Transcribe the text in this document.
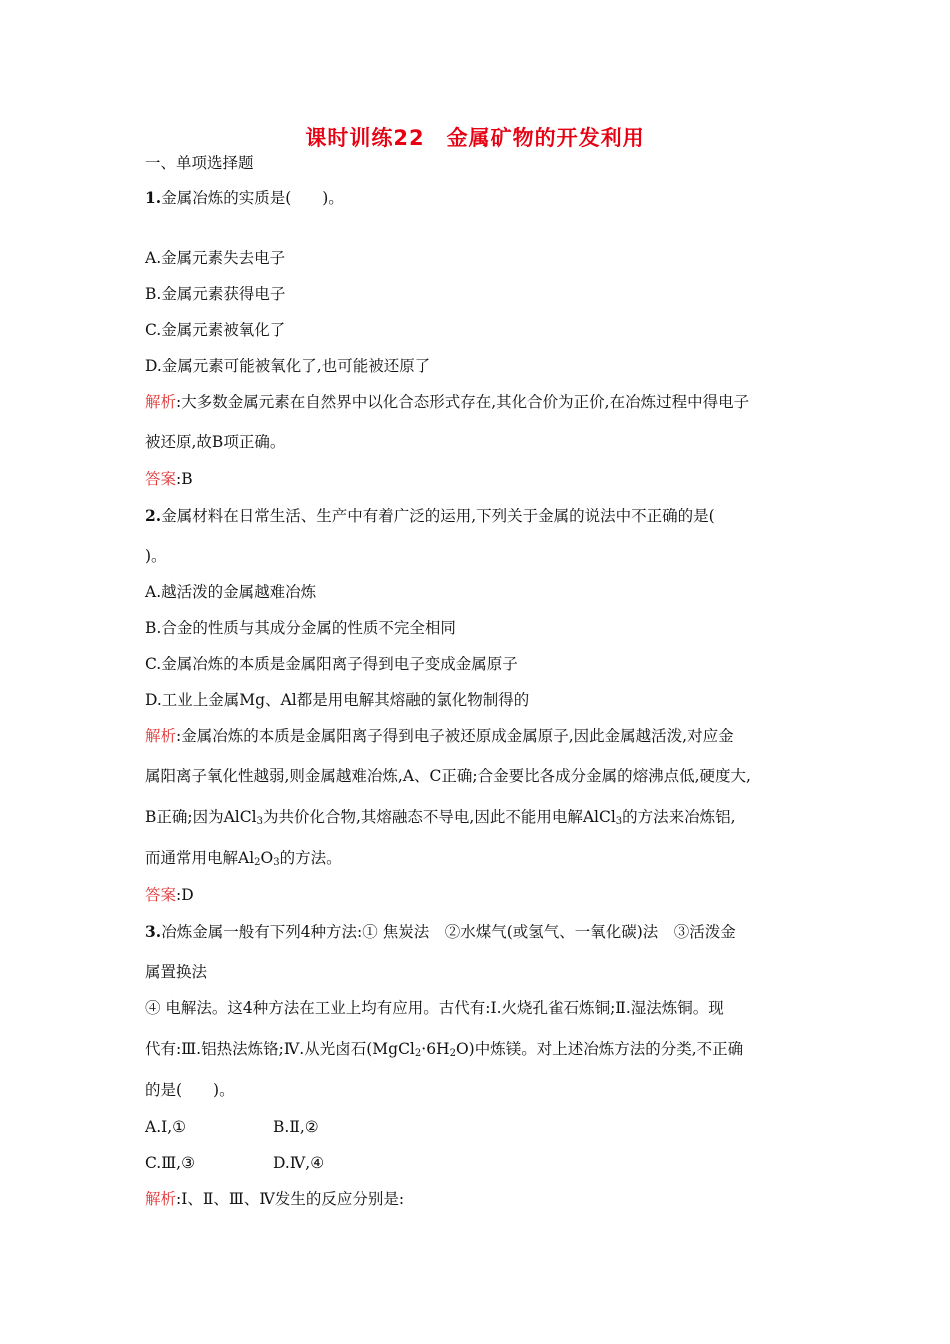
课时训练22　金属矿物的开发利用
一、单项选择题
1.金属冶炼的实质是(　　)。
A.金属元素失去电子
B.金属元素获得电子
C.金属元素被氧化了
D.金属元素可能被氧化了,也可能被还原了
解析:大多数金属元素在自然界中以化合态形式存在,其化合价为正价,在冶炼过程中得电子
被还原,故B项正确。
答案:B
2.金属材料在日常生活、生产中有着广泛的运用,下列关于金属的说法中不正确的是(
)。
A.越活泼的金属越难冶炼
B.合金的性质与其成分金属的性质不完全相同
C.金属冶炼的本质是金属阳离子得到电子变成金属原子
D.工业上金属Mg、Al都是用电解其熔融的氯化物制得的
解析:金属冶炼的本质是金属阳离子得到电子被还原成金属原子,因此金属越活泼,对应金
属阳离子氧化性越弱,则金属越难冶炼,A、C正确;合金要比各成分金属的熔沸点低,硬度大,
B正确;因为AlCl$_3$为共价化合物,其熔融态不导电,因此不能用电解AlCl$_3$的方法来冶炼铝,
而通常用电解$Al_2O_3$的方法。
答案:D
3.冶炼金属一般有下列4种方法:① 焦炭法　②水煤气(或氢气、一氧化碳)法　③活泼金
属置换法
④ 电解法。这4种方法在工业上均有应用。古代有:Ⅰ.火烧孔雀石炼铜;Ⅱ.湿法炼铜。现
代有:Ⅲ.铝热法炼铬;Ⅳ.从光卤石$(MgCl_2\cdot 6H_2O)$中炼镁。对上述冶炼方法的分类,不正确
的是(　　)。
A.Ⅰ,①	B.Ⅱ,②
C.Ⅲ,③	D.Ⅳ,④
解析:Ⅰ、Ⅱ、Ⅲ、Ⅳ发生的反应分别是:
